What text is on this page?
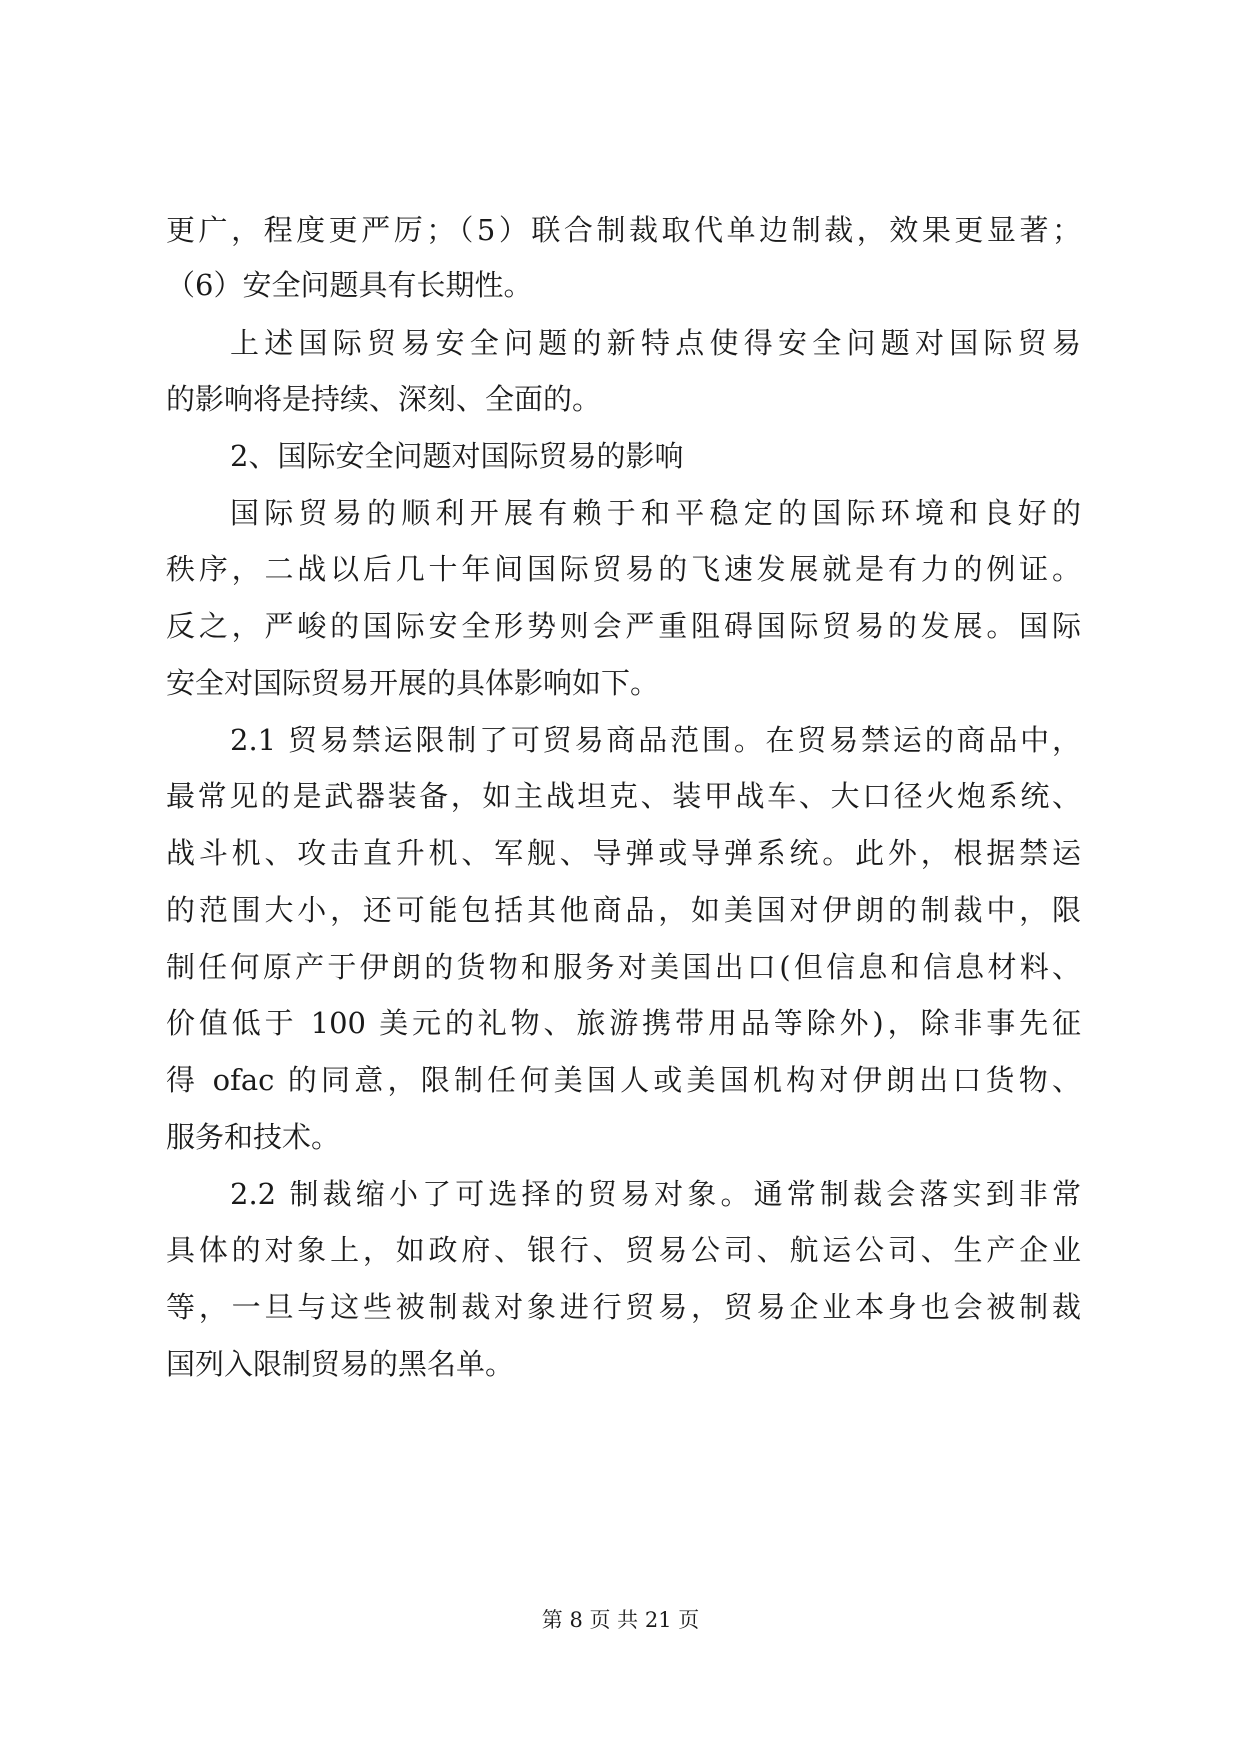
更广，程度更严厉；（5）联合制裁取代单边制裁，效果更显著；
（6）安全问题具有长期性。
上述国际贸易安全问题的新特点使得安全问题对国际贸易
的影响将是持续、深刻、全面的。
2、国际安全问题对国际贸易的影响
国际贸易的顺利开展有赖于和平稳定的国际环境和良好的
秩序，二战以后几十年间国际贸易的飞速发展就是有力的例证。
反之，严峻的国际安全形势则会严重阻碍国际贸易的发展。国际
安全对国际贸易开展的具体影响如下。
2.1 贸易禁运限制了可贸易商品范围。在贸易禁运的商品中，
最常见的是武器装备，如主战坦克、装甲战车、大口径火炮系统、
战斗机、攻击直升机、军舰、导弹或导弹系统。此外，根据禁运
的范围大小，还可能包括其他商品，如美国对伊朗的制裁中，限
制任何原产于伊朗的货物和服务对美国出口(但信息和信息材料、
价值低于 100 美元的礼物、旅游携带用品等除外)，除非事先征
得 ofac 的同意，限制任何美国人或美国机构对伊朗出口货物、
服务和技术。
2.2 制裁缩小了可选择的贸易对象。通常制裁会落实到非常
具体的对象上，如政府、银行、贸易公司、航运公司、生产企业
等，一旦与这些被制裁对象进行贸易，贸易企业本身也会被制裁
国列入限制贸易的黑名单。
第 8 页 共 21 页
